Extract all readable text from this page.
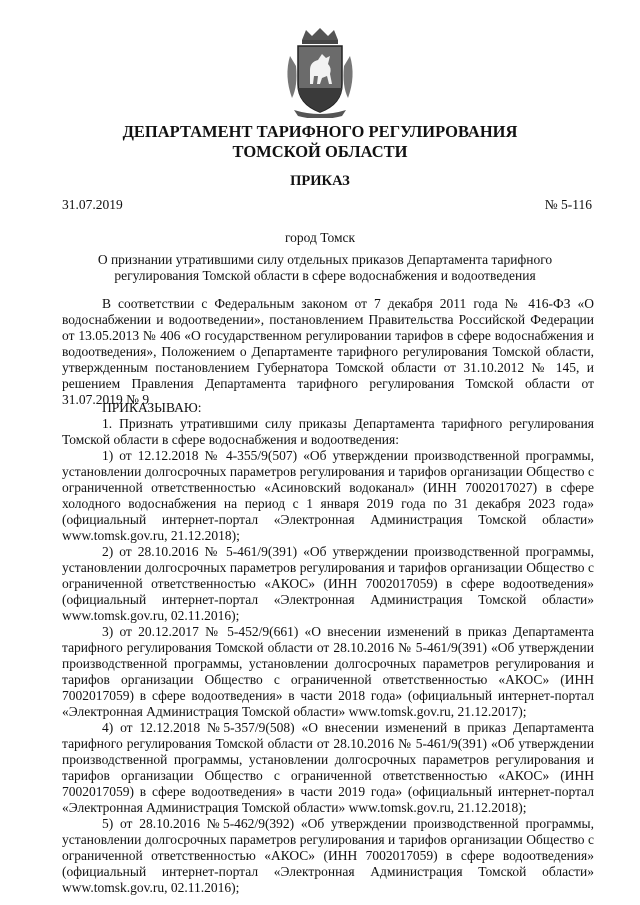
ДЕПАРТАМЕНТ ТАРИФНОГО РЕГУЛИРОВАНИЯ
ТОМСКОЙ ОБЛАСТИ
ПРИКАЗ
31.07.2019	№ 5-116
город Томск
О признании утратившими силу отдельных приказов Департамента тарифного регулирования Томской области в сфере водоснабжения и водоотведения

В соответствии с Федеральным законом от 7 декабря 2011 года № 416-ФЗ «О водоснабжении и водоотведении», постановлением Правительства Российской Федерации от 13.05.2013 № 406 «О государственном регулировании тарифов в сфере водоснабжения и водоотведения», Положением о Департаменте тарифного регулирования Томской области, утвержденным постановлением Губернатора Томской области от 31.10.2012 № 145, и решением Правления Департамента тарифного регулирования Томской области от 31.07.2019 № 9

ПРИКАЗЫВАЮ:

1. Признать утратившими силу приказы Департамента тарифного регулирования Томской области в сфере водоснабжения и водоотведения:

1) от 12.12.2018 № 4-355/9(507) «Об утверждении производственной программы, установлении долгосрочных параметров регулирования и тарифов организации Общество с ограниченной ответственностью «Асиновский водоканал» (ИНН 7002017027) в сфере холодного водоснабжения на период с 1 января 2019 года по 31 декабря 2023 года» (официальный интернет-портал «Электронная Администрация Томской области» www.tomsk.gov.ru, 21.12.2018);

2) от 28.10.2016 № 5-461/9(391) «Об утверждении производственной программы, установлении долгосрочных параметров регулирования и тарифов организации Общество с ограниченной ответственностью «АКОС» (ИНН 7002017059) в сфере водоотведения» (официальный интернет-портал «Электронная Администрация Томской области» www.tomsk.gov.ru, 02.11.2016);

3) от 20.12.2017 № 5-452/9(661) «О внесении изменений в приказ Департамента тарифного регулирования Томской области от 28.10.2016 № 5-461/9(391) «Об утверждении производственной программы, установлении долгосрочных параметров регулирования и тарифов организации Общество с ограниченной ответственностью «АКОС» (ИНН 7002017059) в сфере водоотведения» в части 2018 года» (официальный интернет-портал «Электронная Администрация Томской области» www.tomsk.gov.ru, 21.12.2017);

4) от 12.12.2018 №5-357/9(508) «О внесении изменений в приказ Департамента тарифного регулирования Томской области от 28.10.2016 № 5-461/9(391) «Об утверждении производственной программы, установлении долгосрочных параметров регулирования и тарифов организации Общество с ограниченной ответственностью «АКОС» (ИНН 7002017059) в сфере водоотведения» в части 2019 года» (официальный интернет-портал «Электронная Администрация Томской области» www.tomsk.gov.ru, 21.12.2018);

5) от 28.10.2016 №5-462/9(392) «Об утверждении производственной программы, установлении долгосрочных параметров регулирования и тарифов организации Общество с ограниченной ответственностью «АКОС» (ИНН 7002017059) в сфере водоотведения» (официальный интернет-портал «Электронная Администрация Томской области» www.tomsk.gov.ru, 02.11.2016);
